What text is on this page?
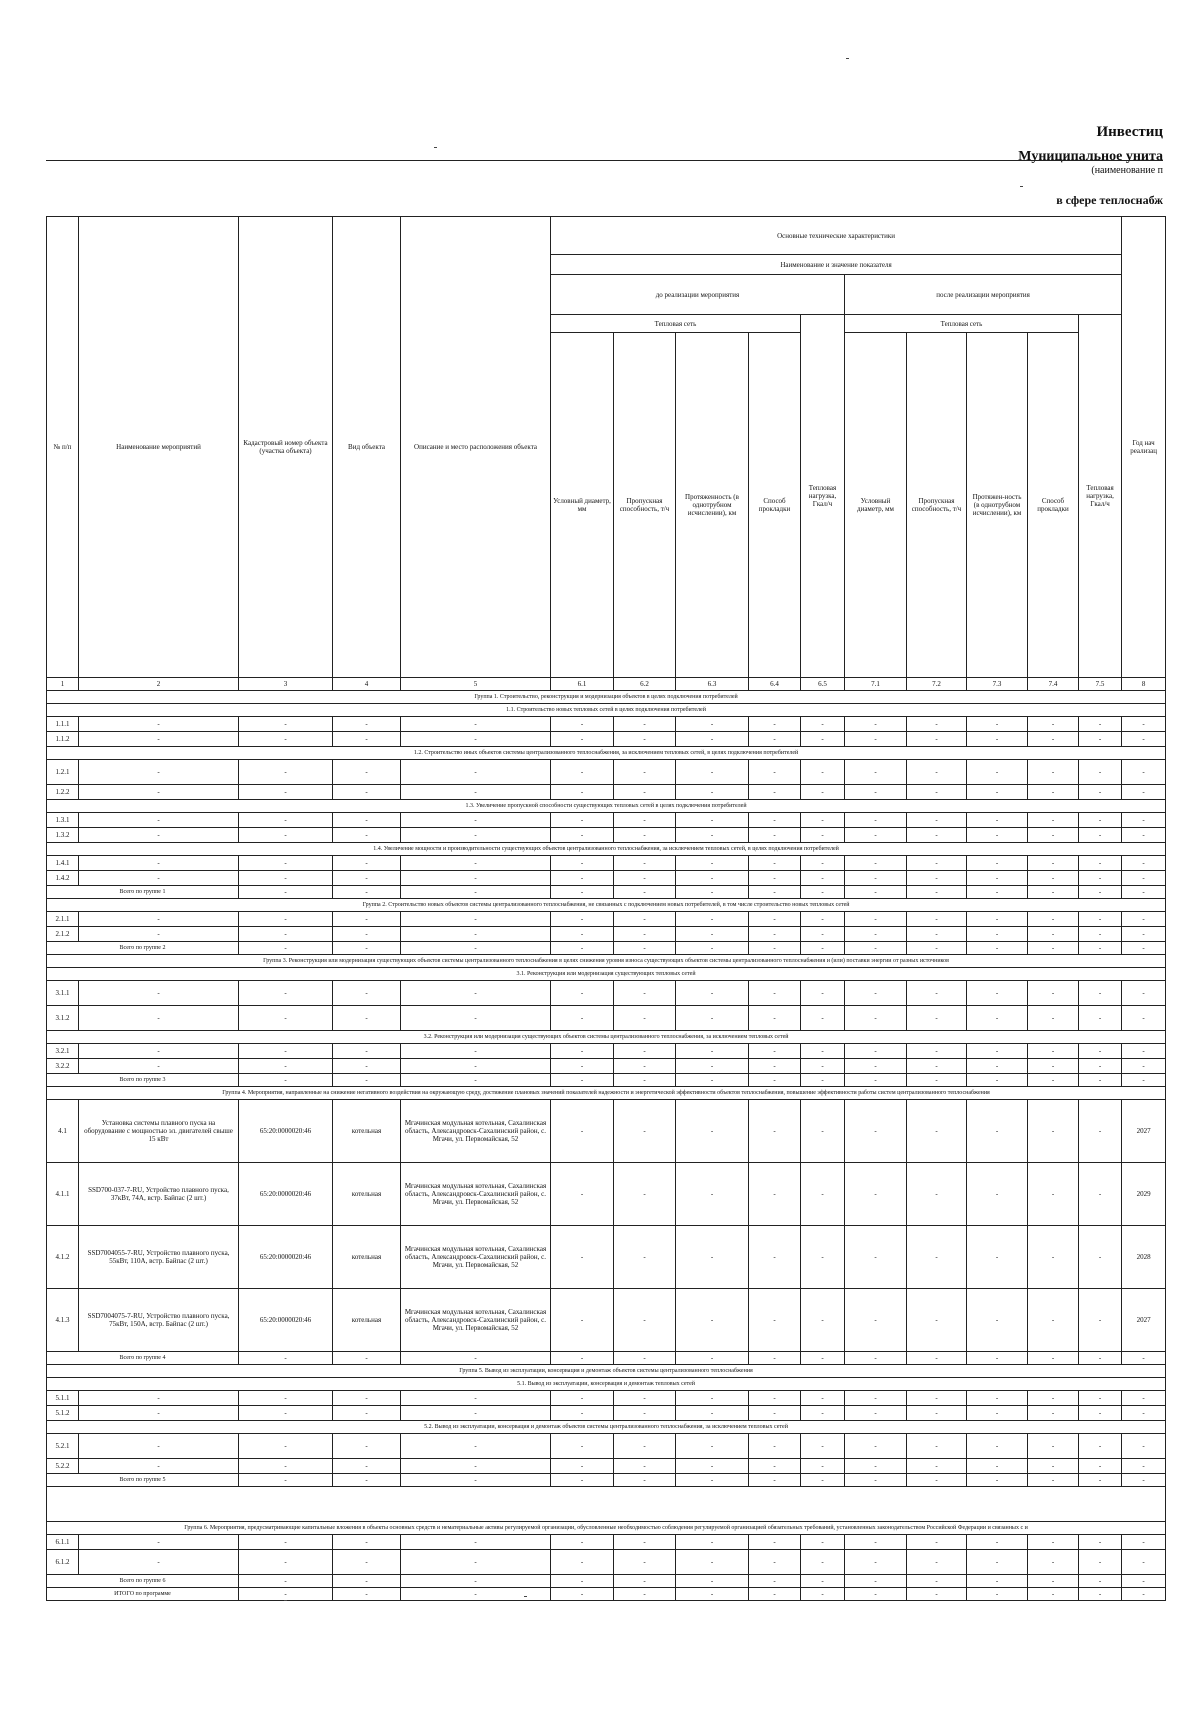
Инвестиц
Муниципальное унита
(наименование п
в сфере теплоснабж
№ п/п	Наименование мероприятий	Кадастровый номер объекта (участка объекта)	Вид объекта	Описание и место расположения объекта	Основные технические характеристики										Год нач реализац
					Наименование и значение показателя										
					до реализации мероприятия					после реализации мероприятия					
					Тепловая сеть				Тепловая нагрузка, Гкал/ч	Тепловая сеть				Тепловая нагрузка, Гкал/ч	
					Условный диаметр, мм	Пропускная способность, т/ч	Протяженность (в однотрубном исчислении), км	Способ прокладки		Условный диаметр, мм	Пропускная способность, т/ч	Протяжен-ность (в однотрубном исчислении), км	Способ прокладки		
1	2	3	4	5	6.1	6.2	6.3	6.4	6.5	7.1	7.2	7.3	7.4	7.5	8
Группа 1. Строительство, реконструкция и модернизация объектов в целях подключения потребителей															
1.1. Строительство новых тепловых сетей в целях подключения потребителей															
1.1.1	-	-	-	-	-	-	-	-	-	-	-	-	-	-	-
1.1.2	-	-	-	-	-	-	-	-	-	-	-	-	-	-	-
1.2. Строительство иных объектов системы централизованного теплоснабжения, за исключением тепловых сетей, в целях подключения потребителей															
1.2.1	-	-	-	-	-	-	-	-	-	-	-	-	-	-	-
1.2.2	-	-	-	-	-	-	-	-	-	-	-	-	-	-	-
1.3. Увеличение пропускной способности существующих тепловых сетей в целях подключения потребителей															
1.3.1	-	-	-	-	-	-	-	-	-	-	-	-	-	-	-
1.3.2	-	-	-	-	-	-	-	-	-	-	-	-	-	-	-
1.4. Увеличение мощности и производительности существующих объектов централизованного теплоснабжения, за исключением тепловых сетей, в целях подключения потребителей															
1.4.1	-	-	-	-	-	-	-	-	-	-	-	-	-	-	-
1.4.2	-	-	-	-	-	-	-	-	-	-	-	-	-	-	-
Всего по группе 1		-	-	-	-	-	-	-	-	-	-	-	-	-	-
Группа 2. Строительство новых объектов системы централизованного теплоснабжения, не связанных с подключением новых потребителей, в том числе строительство новых тепловых сетей															
2.1.1	-	-	-	-	-	-	-	-	-	-	-	-	-	-	-
2.1.2	-	-	-	-	-	-	-	-	-	-	-	-	-	-	-
Всего по группе 2		-	-	-	-	-	-	-	-	-	-	-	-	-	-
Группа 3. Реконструкция или модернизация существующих объектов системы централизованного теплоснабжения в целях снижения уровня износа существующих объектов системы централизованного теплоснабжения и (или) поставки энергии от разных источников															
3.1. Реконструкция или модернизация существующих тепловых сетей															
3.1.1	-	-	-	-	-	-	-	-	-	-	-	-	-	-	-
3.1.2	-	-	-	-	-	-	-	-	-	-	-	-	-	-	-
3.2. Реконструкция или модернизация существующих объектов системы централизованного теплоснабжения, за исключением тепловых сетей															
3.2.1	-	-	-	-	-	-	-	-	-	-	-	-	-	-	-
3.2.2	-	-	-	-	-	-	-	-	-	-	-	-	-	-	-
Всего по группе 3		-	-	-	-	-	-	-	-	-	-	-	-	-	-
Группа 4. Мероприятия, направленные на снижение негативного воздействия на окружающую среду, достижение плановых значений показателей надежности и энергетической эффективности объектов теплоснабжения, повышение эффективности работы систем централизованного теплоснабжения															
4.1	Установка системы плавного пуска на оборудование с мощностью эл. двигателей свыше 15 кВт	65:20:0000020:46	котельная	Мгачинская модульная котельная, Сахалинская область, Александровск-Сахалинский район, с. Мгачи, ул. Первомайская, 52	-	-	-	-	-	-	-	-	-	-	2027
4.1.1	SSD700-037-7-RU, Устройство плавного пуска, 37кВт, 74А, встр. Байпас (2 шт.)	65:20:0000020:46	котельная	Мгачинская модульная котельная, Сахалинская область, Александровск-Сахалинский район, с. Мгачи, ул. Первомайская, 52	-	-	-	-	-	-	-	-	-	-	2029
4.1.2	SSD7004055-7-RU, Устройство плавного пуска, 55кВт, 110А, встр. Байпас (2 шт.)	65:20:0000020:46	котельная	Мгачинская модульная котельная, Сахалинская область, Александровск-Сахалинский район, с. Мгачи, ул. Первомайская, 52	-	-	-	-	-	-	-	-	-	-	2028
4.1.3	SSD7004075-7-RU, Устройство плавного пуска, 75кВт, 150А, встр. Байпас (2 шт.)	65:20:0000020:46	котельная	Мгачинская модульная котельная, Сахалинская область, Александровск-Сахалинский район, с. Мгачи, ул. Первомайская, 52	-	-	-	-	-	-	-	-	-	-	2027
Всего по группе 4		-	-	-	-	-	-	-	-	-	-	-	-	-	-
Группа 5. Вывод из эксплуатации, консервация и демонтаж объектов системы централизованного теплоснабжения															
5.1. Вывод из эксплуатации, консервация и демонтаж тепловых сетей															
5.1.1	-	-	-	-	-	-	-	-	-	-	-	-	-	-	-
5.1.2	-	-	-	-	-	-	-	-	-	-	-	-	-	-	-
5.2. Вывод из эксплуатации, консервация и демонтаж объектов системы централизованного теплоснабжения, за исключением тепловых сетей															
5.2.1	-	-	-	-	-	-	-	-	-	-	-	-	-	-	-
5.2.2	-	-	-	-	-	-	-	-	-	-	-	-	-	-	-
Всего по группе 5		-	-	-	-	-	-	-	-	-	-	-	-	-	-

Группа 6. Мероприятия, предусматривающие капитальные вложения в объекты основных средств и нематериальные активы регулируемой организации, обусловленные необходимостью соблюдения регулируемой организацией обязательных требований, установленных законодательством Российской Федерации и связанных с и															
6.1.1	-	-	-	-	-	-	-	-	-	-	-	-	-	-	-
6.1.2	-	-	-	-	-	-	-	-	-	-	-	-	-	-	-
Всего по группе 6		-	-	-	-	-	-	-	-	-	-	-	-	-	-
ИТОГО по программе		-	-	-	-	-	-	-	-	-	-	-	-	-	-
